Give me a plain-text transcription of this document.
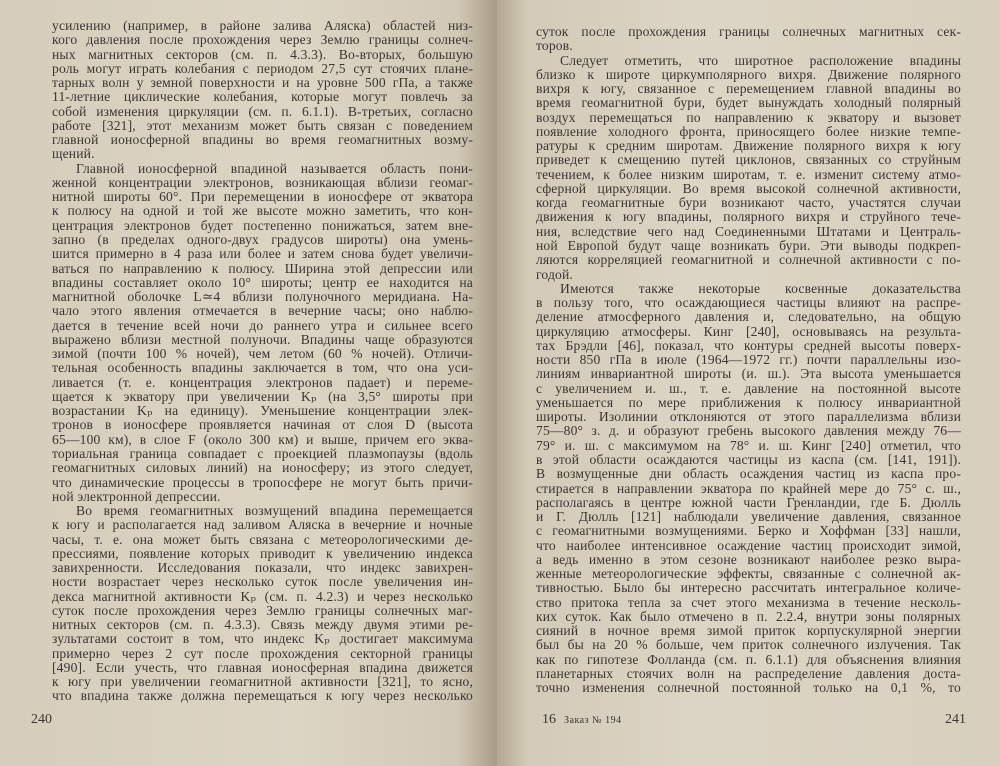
усилению (например, в районе залива Аляска) областей низ-
кого давления после прохождения через Землю границы солнеч-
ных магнитных секторов (см. п. 4.3.3). Во-вторых, большую
роль могут играть колебания с периодом 27,5 сут стоячих плане-
тарных волн у земной поверхности и на уровне 500 гПа, а также
11-летние циклические колебания, которые могут повлечь за
собой изменения циркуляции (см. п. 6.1.1). В-третьих, согласно
работе [321], этот механизм может быть связан с поведением
главной ионосферной впадины во время геомагнитных возму-
щений.
Главной ионосферной впадиной называется область пони-
женной концентрации электронов, возникающая вблизи геомаг-
нитной широты 60°. При перемещении в ионосфере от экватора
к полюсу на одной и той же высоте можно заметить, что кон-
центрация электронов будет постепенно понижаться, затем вне-
запно (в пределах одного-двух градусов широты) она умень-
шится примерно в 4 раза или более и затем снова будет увеличи-
ваться по направлению к полюсу. Ширина этой депрессии или
впадины составляет около 10° широты; центр ее находится на
магнитной оболочке L≃4 вблизи полуночного меридиана. На-
чало этого явления отмечается в вечерние часы; оно наблю-
дается в течение всей ночи до раннего утра и сильнее всего
выражено вблизи местной полуночи. Впадины чаще образуются
зимой (почти 100 % ночей), чем летом (60 % ночей). Отличи-
тельная особенность впадины заключается в том, что она уси-
ливается (т. е. концентрация электронов падает) и переме-
щается к экватору при увеличении Kₚ (на 3,5° широты при
возрастании Kₚ на единицу). Уменьшение концентрации элек-
тронов в ионосфере проявляется начиная от слоя D (высота
65—100 км), в слое F (около 300 км) и выше, причем его эква-
ториальная граница совпадает с проекцией плазмопаузы (вдоль
геомагнитных силовых линий) на ионосферу; из этого следует,
что динамические процессы в тропосфере не могут быть причи-
ной электронной депрессии.
Во время геомагнитных возмущений впадина перемещается
к югу и располагается над заливом Аляска в вечерние и ночные
часы, т. е. она может быть связана с метеорологическими де-
прессиями, появление которых приводит к увеличению индекса
завихренности. Исследования показали, что индекс завихрен-
ности возрастает через несколько суток после увеличения ин-
декса магнитной активности Kₚ (см. п. 4.2.3) и через несколько
суток после прохождения через Землю границы солнечных маг-
нитных секторов (см. п. 4.3.3). Связь между двумя этими ре-
зультатами состоит в том, что индекс Kₚ достигает максимума
примерно через 2 сут после прохождения секторной границы
[490]. Если учесть, что главная ионосферная впадина движется
к югу при увеличении геомагнитной активности [321], то ясно,
что впадина также должна перемещаться к югу через несколько
240
суток после прохождения границы солнечных магнитных сек-
торов.
Следует отметить, что широтное расположение впадины
близко к широте циркумполярного вихря. Движение полярного
вихря к югу, связанное с перемещением главной впадины во
время геомагнитной бури, будет вынуждать холодный полярный
воздух перемещаться по направлению к экватору и вызовет
появление холодного фронта, приносящего более низкие темпе-
ратуры к средним широтам. Движение полярного вихря к югу
приведет к смещению путей циклонов, связанных со струйным
течением, к более низким широтам, т. е. изменит систему атмо-
сферной циркуляции. Во время высокой солнечной активности,
когда геомагнитные бури возникают часто, участятся случаи
движения к югу впадины, полярного вихря и струйного тече-
ния, вследствие чего над Соединенными Штатами и Централь-
ной Европой будут чаще возникать бури. Эти выводы подкреп-
ляются корреляцией геомагнитной и солнечной активности с по-
годой.
Имеются также некоторые косвенные доказательства
в пользу того, что осаждающиеся частицы влияют на распре-
деление атмосферного давления и, следовательно, на общую
циркуляцию атмосферы. Кинг [240], основываясь на результа-
тах Брэдли [46], показал, что контуры средней высоты поверх-
ности 850 гПа в июле (1964—1972 гг.) почти параллельны изо-
линиям инвариантной широты (и. ш.). Эта высота уменьшается
с увеличением и. ш., т. е. давление на постоянной высоте
уменьшается по мере приближения к полюсу инвариантной
широты. Изолинии отклоняются от этого параллелизма вблизи
75—80° з. д. и образуют гребень высокого давления между 76—
79° и. ш. с максимумом на 78° и. ш. Кинг [240] отметил, что
в этой области осаждаются частицы из каспа (см. [141, 191]).
В возмущенные дни область осаждения частиц из каспа про-
стирается в направлении экватора по крайней мере до 75° с. ш.,
располагаясь в центре южной части Гренландии, где Б. Дюлль
и Г. Дюлль [121] наблюдали увеличение давления, связанное
с геомагнитными возмущениями. Берко и Хоффман [33] нашли,
что наиболее интенсивное осаждение частиц происходит зимой,
а ведь именно в этом сезоне возникают наиболее резко выра-
женные метеорологические эффекты, связанные с солнечной ак-
тивностью. Было бы интересно рассчитать интегральное количе-
ство притока тепла за счет этого механизма в течение несколь-
ких суток. Как было отмечено в п. 2.2.4, внутри зоны полярных
сияний в ночное время зимой приток корпускулярной энергии
был бы на 20 % больше, чем приток солнечного излучения. Так
как по гипотезе Фолланда (см. п. 6.1.1) для объяснения влияния
планетарных стоячих волн на распределение давления доста-
точно изменения солнечной постоянной только на 0,1 %, то
16 Заказ № 194	241
